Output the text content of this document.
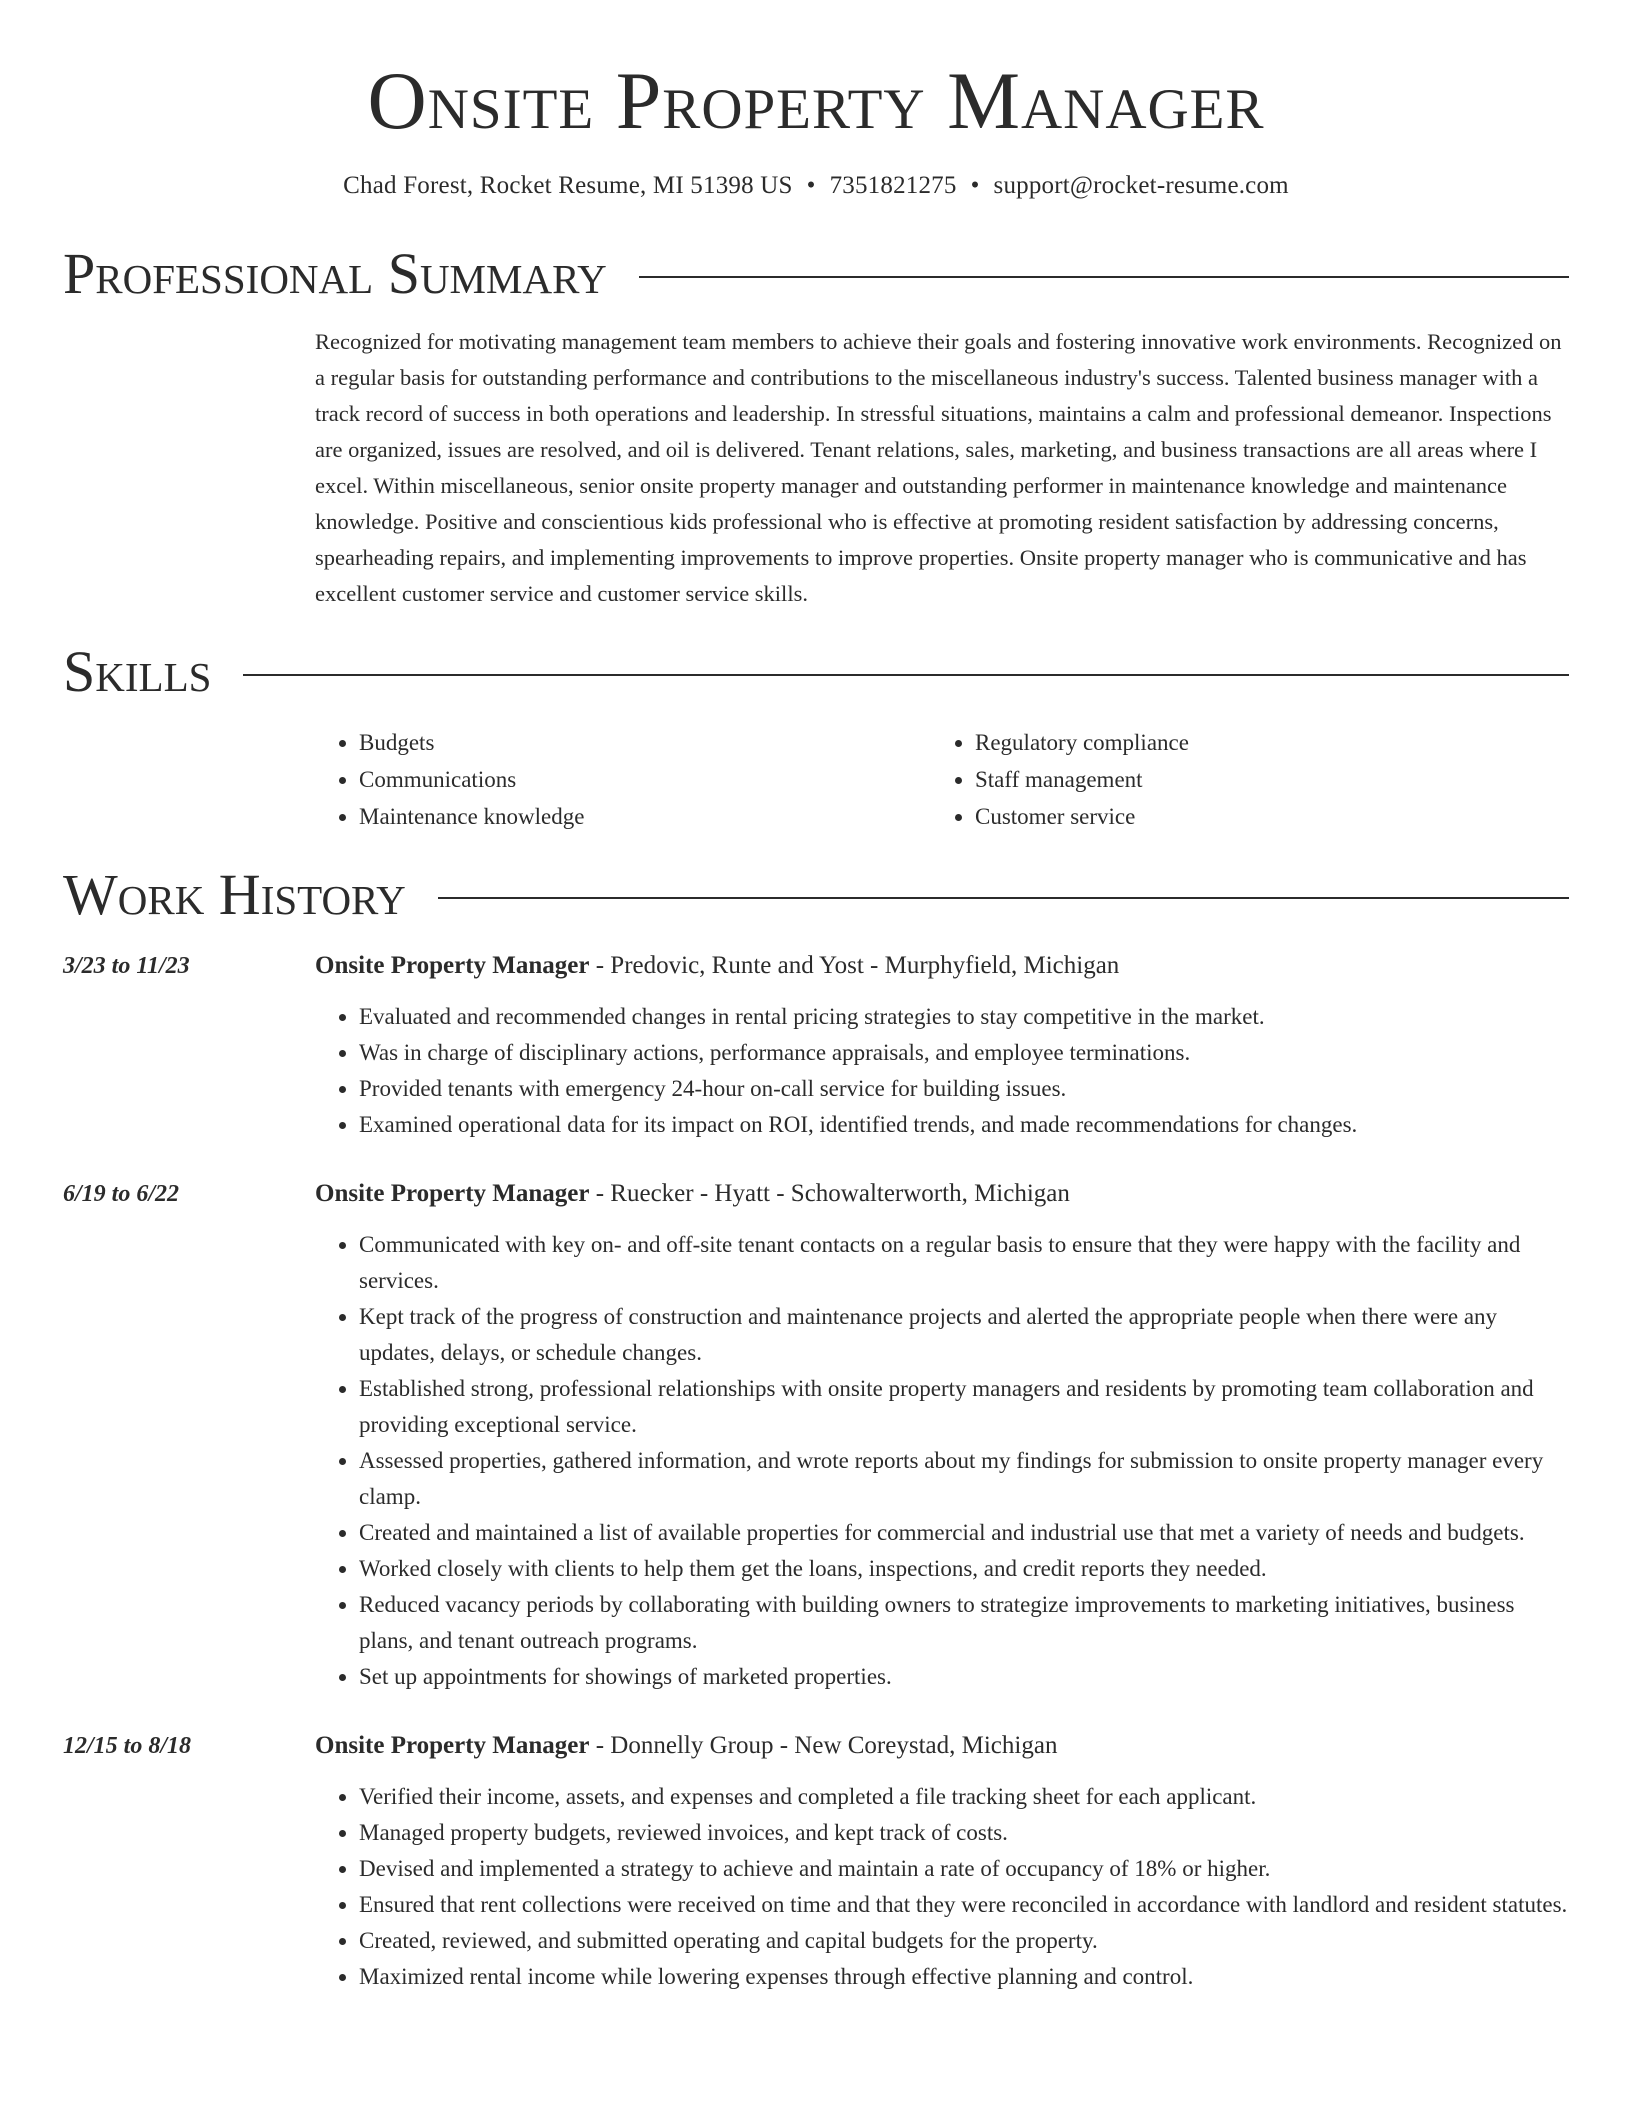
Onsite Property Manager
Chad Forest, Rocket Resume, MI 51398 US • 7351821275 • support@rocket-resume.com
Professional Summary
Recognized for motivating management team members to achieve their goals and fostering innovative work environments. Recognized on a regular basis for outstanding performance and contributions to the miscellaneous industry's success. Talented business manager with a track record of success in both operations and leadership. In stressful situations, maintains a calm and professional demeanor. Inspections are organized, issues are resolved, and oil is delivered. Tenant relations, sales, marketing, and business transactions are all areas where I excel. Within miscellaneous, senior onsite property manager and outstanding performer in maintenance knowledge and maintenance knowledge. Positive and conscientious kids professional who is effective at promoting resident satisfaction by addressing concerns, spearheading repairs, and implementing improvements to improve properties. Onsite property manager who is communicative and has excellent customer service and customer service skills.
Skills
• Budgets
• Communications
• Maintenance knowledge
• Regulatory compliance
• Staff management
• Customer service
Work History
3/23 to 11/23	Onsite Property Manager - Predovic, Runte and Yost - Murphyfield, Michigan
• Evaluated and recommended changes in rental pricing strategies to stay competitive in the market.
• Was in charge of disciplinary actions, performance appraisals, and employee terminations.
• Provided tenants with emergency 24-hour on-call service for building issues.
• Examined operational data for its impact on ROI, identified trends, and made recommendations for changes.
6/19 to 6/22	Onsite Property Manager - Ruecker - Hyatt - Schowalterworth, Michigan
• Communicated with key on- and off-site tenant contacts on a regular basis to ensure that they were happy with the facility and services.
• Kept track of the progress of construction and maintenance projects and alerted the appropriate people when there were any updates, delays, or schedule changes.
• Established strong, professional relationships with onsite property managers and residents by promoting team collaboration and providing exceptional service.
• Assessed properties, gathered information, and wrote reports about my findings for submission to onsite property manager every clamp.
• Created and maintained a list of available properties for commercial and industrial use that met a variety of needs and budgets.
• Worked closely with clients to help them get the loans, inspections, and credit reports they needed.
• Reduced vacancy periods by collaborating with building owners to strategize improvements to marketing initiatives, business plans, and tenant outreach programs.
• Set up appointments for showings of marketed properties.
12/15 to 8/18	Onsite Property Manager - Donnelly Group - New Coreystad, Michigan
• Verified their income, assets, and expenses and completed a file tracking sheet for each applicant.
• Managed property budgets, reviewed invoices, and kept track of costs.
• Devised and implemented a strategy to achieve and maintain a rate of occupancy of 18% or higher.
• Ensured that rent collections were received on time and that they were reconciled in accordance with landlord and resident statutes.
• Created, reviewed, and submitted operating and capital budgets for the property.
• Maximized rental income while lowering expenses through effective planning and control.
